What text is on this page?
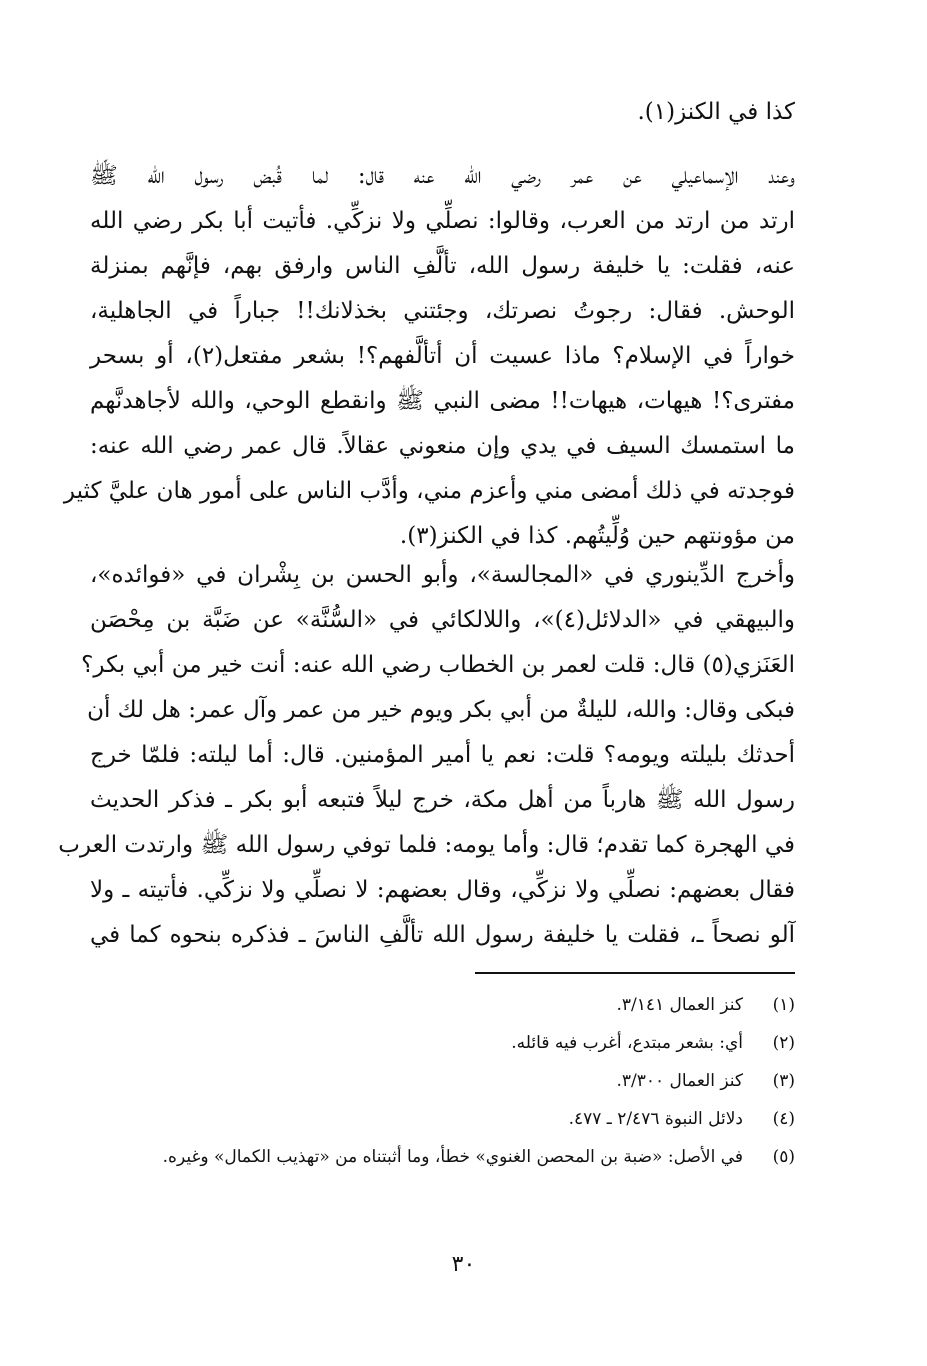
كذا في الكنز(١).

وعند الإسماعيلي عن عمر رضي الله عنه قال: لما قُبض رسول الله ﷺ
ارتد من ارتد من العرب، وقالوا: نصلِّي ولا نزكِّي. فأتيت أبا بكر رضي الله
عنه، فقلت: يا خليفة رسول الله، تألَّفِ الناس وارفق بهم، فإنَّهم بمنزلة
الوحش. فقال: رجوتُ نصرتك، وجئتني بخذلانك!! جباراً في الجاهلية،
خواراً في الإسلام؟ ماذا عسيت أن أتألَّفهم؟! بشعر مفتعل(٢)، أو بسحر
مفترى؟! هيهات، هيهات!! مضى النبي ﷺ وانقطع الوحي، والله لأجاهدنَّهم
ما استمسك السيف في يدي وإن منعوني عقالاً. قال عمر رضي الله عنه:
فوجدته في ذلك أمضى مني وأعزم مني، وأدَّب الناس على أمور هان عليَّ كثير
من مؤونتهم حين وُلِّيتُهم. كذا في الكنز(٣).

وأخرج الدِّينوري في «المجالسة»، وأبو الحسن بن بِشْران في «فوائده»،
والبيهقي في «الدلائل(٤)»، واللالكائي في «السُّنَّة» عن ضَبَّة بن مِحْصَن
العَنَزي(٥) قال: قلت لعمر بن الخطاب رضي الله عنه: أنت خير من أبي بكر؟
فبكى وقال: والله، لليلةٌ من أبي بكر ويوم خير من عمر وآل عمر: هل لك أن
أحدثك بليلته ويومه؟ قلت: نعم يا أمير المؤمنين. قال: أما ليلته: فلمّا خرج
رسول الله ﷺ هارباً من أهل مكة، خرج ليلاً فتبعه أبو بكر ـ فذكر الحديث
في الهجرة كما تقدم؛ قال: وأما يومه: فلما توفي رسول الله ﷺ وارتدت العرب
فقال بعضهم: نصلِّي ولا نزكِّي، وقال بعضهم: لا نصلِّي ولا نزكِّي. فأتيته ـ ولا
آلو نصحاً ـ، فقلت يا خليفة رسول الله تألَّفِ الناسَ ـ فذكره بنحوه كما في

(١)
كنز العمال ٣/١٤١.
(٢)
أي: بشعر مبتدع، أغرب فيه قائله.
(٣)
كنز العمال ٣/٣٠٠.
(٤)
دلائل النبوة ٢/٤٧٦ ـ ٤٧٧.
(٥)
في الأصل: «ضبة بن المحصن الغنوي» خطأ، وما أثبتناه من «تهذيب الكمال» وغيره.
٣٠
